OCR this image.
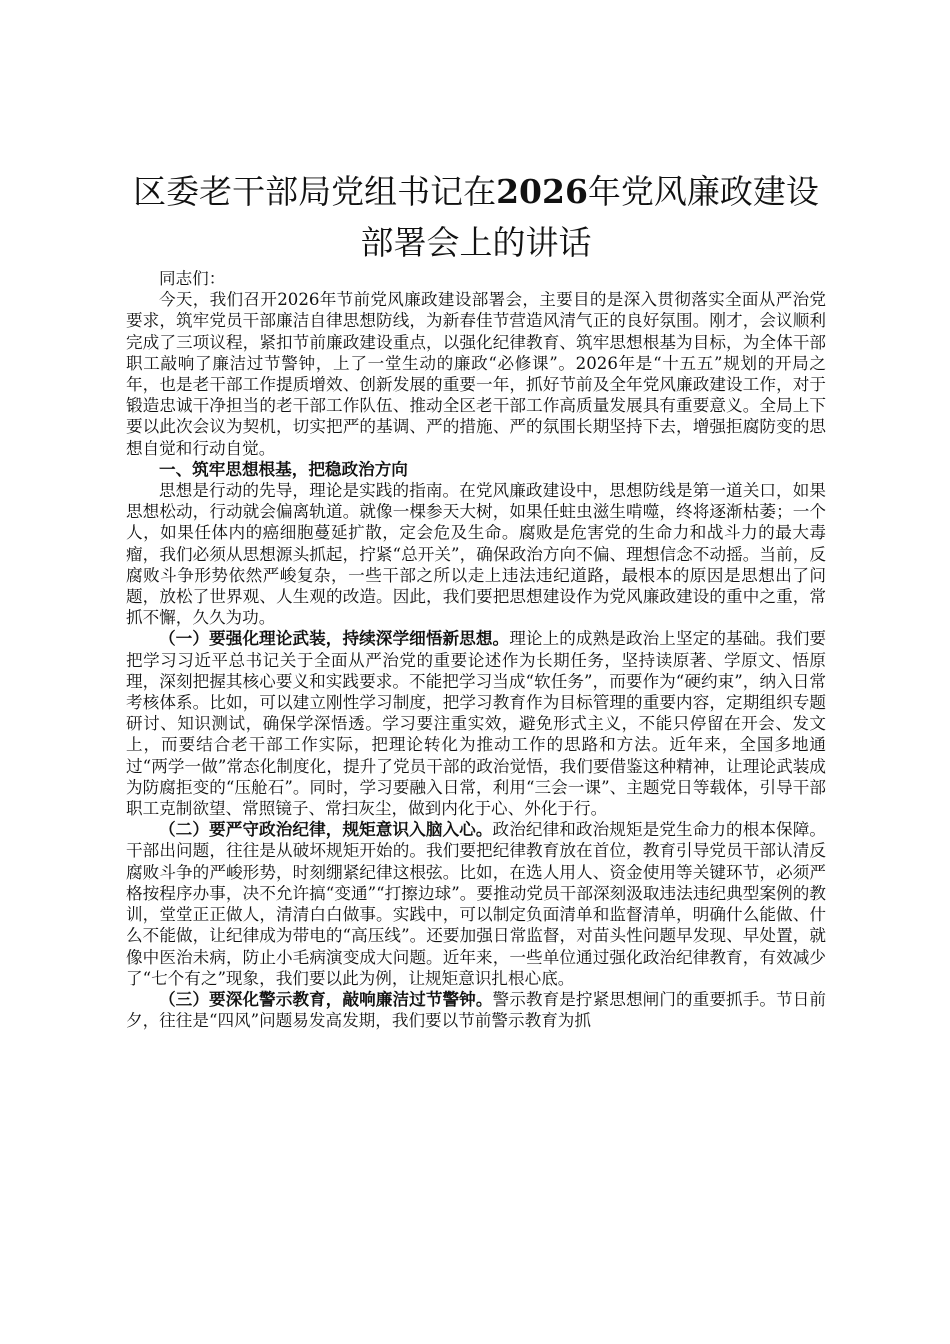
区委老干部局党组书记在2026年党风廉政建设部署会上的讲话

同志们：

今天，我们召开2026年节前党风廉政建设部署会，主要目的是深入贯彻落实全面从严治党要求，筑牢党员干部廉洁自律思想防线，为新春佳节营造风清气正的良好氛围。刚才，会议顺利完成了三项议程，紧扣节前廉政建设重点，以强化纪律教育、筑牢思想根基为目标，为全体干部职工敲响了廉洁过节警钟，上了一堂生动的廉政“必修课”。2026年是“十五五”规划的开局之年，也是老干部工作提质增效、创新发展的重要一年，抓好节前及全年党风廉政建设工作，对于锻造忠诚干净担当的老干部工作队伍、推动全区老干部工作高质量发展具有重要意义。全局上下要以此次会议为契机，切实把严的基调、严的措施、严的氛围长期坚持下去，增强拒腐防变的思想自觉和行动自觉。

一、筑牢思想根基，把稳政治方向

思想是行动的先导，理论是实践的指南。在党风廉政建设中，思想防线是第一道关口，如果思想松动，行动就会偏离轨道。就像一棵参天大树，如果任蛀虫滋生啃噬，终将逐渐枯萎；一个人，如果任体内的癌细胞蔓延扩散，定会危及生命。腐败是危害党的生命力和战斗力的最大毒瘤，我们必须从思想源头抓起，拧紧“总开关”，确保政治方向不偏、理想信念不动摇。当前，反腐败斗争形势依然严峻复杂，一些干部之所以走上违法违纪道路，最根本的原因是思想出了问题，放松了世界观、人生观的改造。因此，我们要把思想建设作为党风廉政建设的重中之重，常抓不懈，久久为功。

（一）要强化理论武装，持续深学细悟新思想。理论上的成熟是政治上坚定的基础。我们要把学习习近平总书记关于全面从严治党的重要论述作为长期任务，坚持读原著、学原文、悟原理，深刻把握其核心要义和实践要求。不能把学习当成“软任务”，而要作为“硬约束”，纳入日常考核体系。比如，可以建立刚性学习制度，把学习教育作为目标管理的重要内容，定期组织专题研讨、知识测试，确保学深悟透。学习要注重实效，避免形式主义，不能只停留在开会、发文上，而要结合老干部工作实际，把理论转化为推动工作的思路和方法。近年来，全国多地通过“两学一做”常态化制度化，提升了党员干部的政治觉悟，我们要借鉴这种精神，让理论武装成为防腐拒变的“压舱石”。同时，学习要融入日常，利用“三会一课”、主题党日等载体，引导干部职工克制欲望、常照镜子、常扫灰尘，做到内化于心、外化于行。

（二）要严守政治纪律，规矩意识入脑入心。政治纪律和政治规矩是党生命力的根本保障。干部出问题，往往是从破坏规矩开始的。我们要把纪律教育放在首位，教育引导党员干部认清反腐败斗争的严峻形势，时刻绷紧纪律这根弦。比如，在选人用人、资金使用等关键环节，必须严格按程序办事，决不允许搞“变通”“打擦边球”。要推动党员干部深刻汲取违法违纪典型案例的教训，堂堂正正做人，清清白白做事。实践中，可以制定负面清单和监督清单，明确什么能做、什么不能做，让纪律成为带电的“高压线”。还要加强日常监督，对苗头性问题早发现、早处置，就像中医治未病，防止小毛病演变成大问题。近年来，一些单位通过强化政治纪律教育，有效减少了“七个有之”现象，我们要以此为例，让规矩意识扎根心底。

（三）要深化警示教育，敲响廉洁过节警钟。警示教育是拧紧思想闸门的重要抓手。节日前夕，往往是“四风”问题易发高发期，我们要以节前警示教育为抓
